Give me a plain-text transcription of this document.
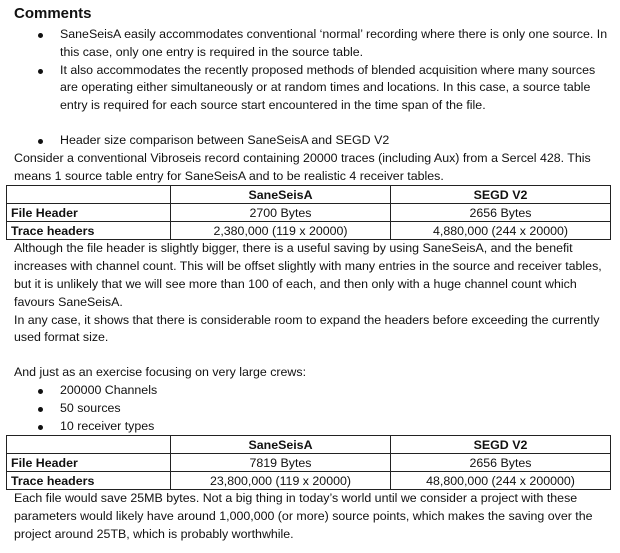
Comments
SaneSeisA easily accommodates conventional ‘normal’ recording where there is only one source. In this case, only one entry is required in the source table.
It also accommodates the recently proposed methods of blended acquisition where many sources are operating either simultaneously or at random times and locations. In this case, a source table entry is required for each source start encountered in the time span of the file.
Header size comparison between SaneSeisA and SEGD V2

Consider a conventional Vibroseis record containing 20000 traces (including Aux) from a Sercel 428. This means 1 source table entry for SaneSeisA and to be realistic 4 receiver tables.

	SaneSeisA	SEGD V2
File Header	2700 Bytes	2656 Bytes
Trace headers	2,380,000 (119 x 20000)	4,880,000 (244 x 20000)

Although the file header is slightly bigger, there is a useful saving by using SaneSeisA, and the benefit increases with channel count. This will be offset slightly with many entries in the source and receiver tables, but it is unlikely that we will see more than 100 of each, and then only with a huge channel count which favours SaneSeisA.

In any case, it shows that there is considerable room to expand the headers before exceeding the currently used format size.

And just as an exercise focusing on very large crews:

200000 Channels
50 sources
10 receiver types
	SaneSeisA	SEGD V2
File Header	7819 Bytes	2656 Bytes
Trace headers	23,800,000 (119 x 20000)	48,800,000 (244 x 200000)

Each file would save 25MB bytes. Not a big thing in today’s world until we consider a project with these parameters would likely have around 1,000,000 (or more) source points, which makes the saving over the project around 25TB, which is probably worthwhile.
